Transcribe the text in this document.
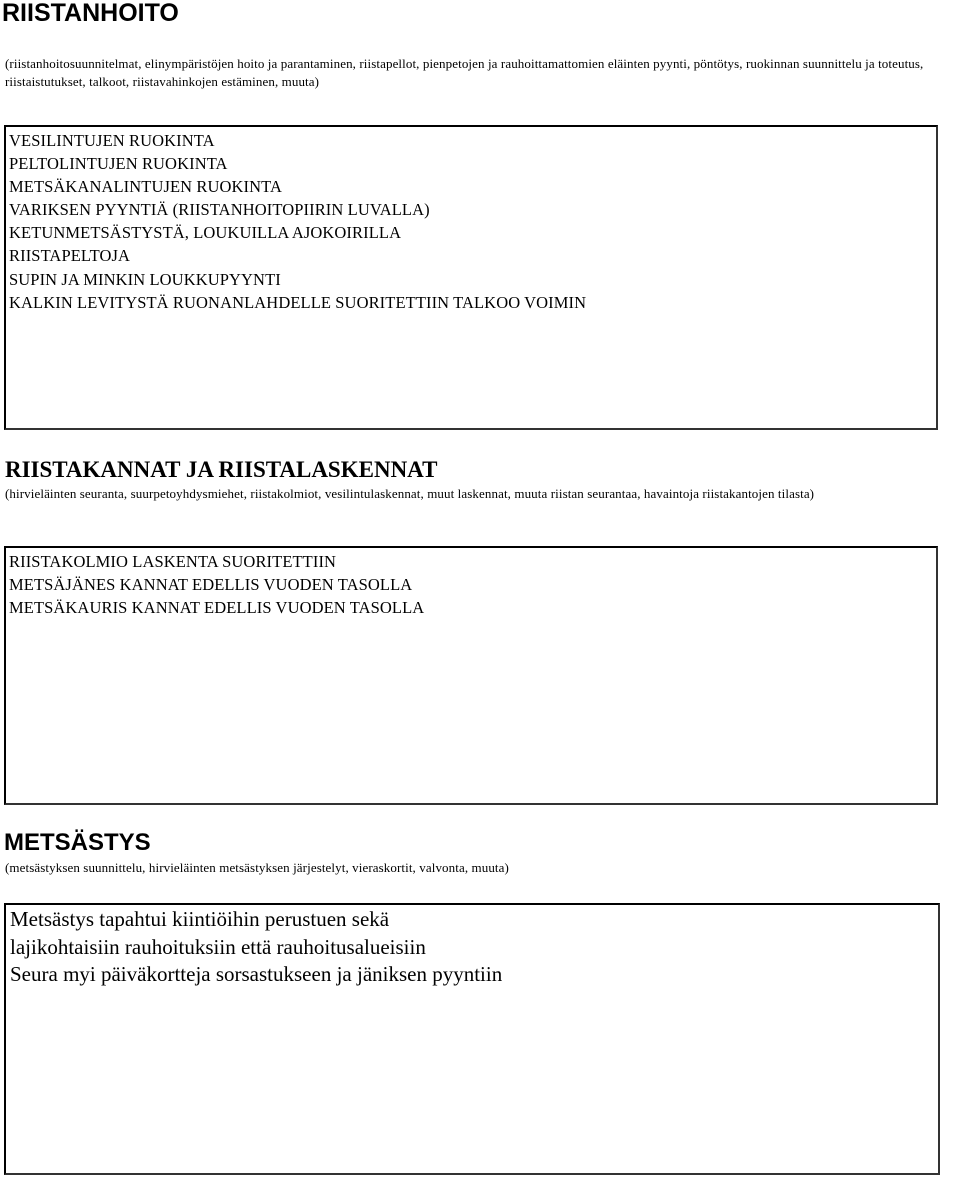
RIISTANHOITO
(riistanhoitosuunnitelmat, elinympäristöjen hoito ja parantaminen, riistapellot, pienpetojen ja rauhoittamattomien eläinten pyynti, pöntötys, ruokinnan suunnittelu ja toteutus, riistaistutukset, talkoot, riistavahinkojen estäminen, muuta)
VESILINTUJEN RUOKINTA
PELTOLINTUJEN RUOKINTA
METSÄKANALINTUJEN RUOKINTA
VARIKSEN PYYNTIÄ (RIISTANHOITOPIIRIN LUVALLA)
KETUNMETSÄSTYSTÄ, LOUKUILLA AJOKOIRILLA
RIISTAPELTOJA
SUPIN JA MINKIN LOUKKUPYYNTI
KALKIN LEVITYSTÄ RUONANLAHDELLE SUORITETTIIN TALKOO VOIMIN
RIISTAKANNAT JA RIISTALASKENNAT
(hirvieläinten seuranta, suurpetoyhdysmiehet, riistakolmiot, vesilintulaskennat, muut laskennat, muuta riistan seurantaa, havaintoja riistakantojen tilasta)
RIISTAKOLMIO LASKENTA SUORITETTIIN
METSÄJÄNES KANNAT EDELLIS VUODEN TASOLLA
METSÄKAURIS KANNAT EDELLIS VUODEN TASOLLA
METSÄSTYS
(metsästyksen suunnittelu, hirvieläinten metsästyksen järjestelyt, vieraskortit, valvonta, muuta)
Metsästys tapahtui kiintiöihin perustuen sekä
lajikohtaisiin rauhoituksiin että rauhoitusalueisiin
Seura myi päiväkortteja sorsastukseen ja jäniksen pyyntiin
